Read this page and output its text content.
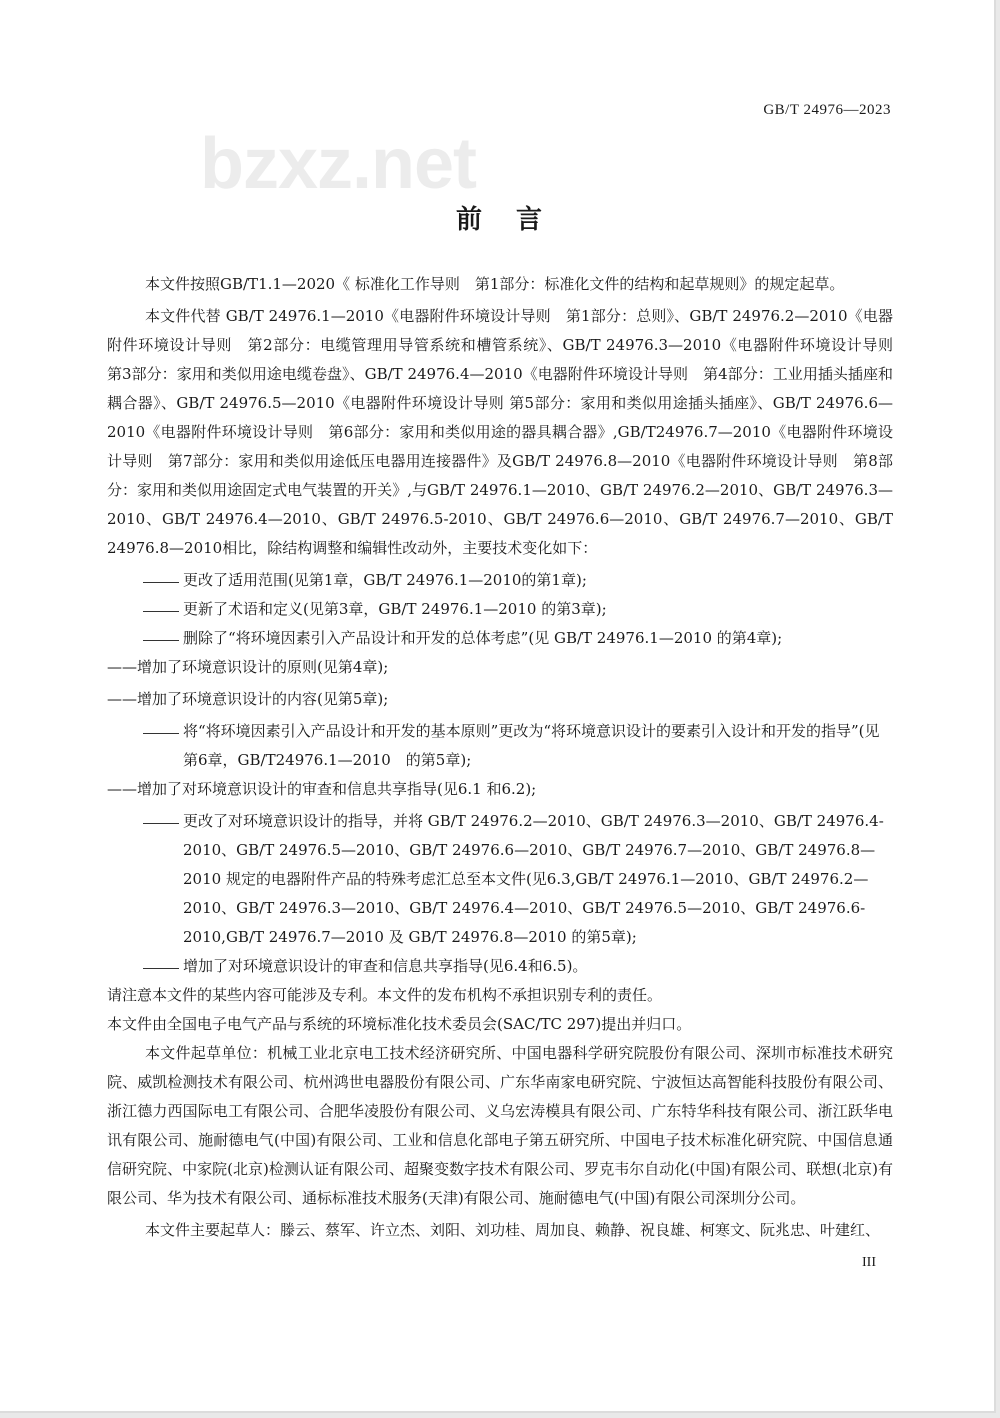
GB/T 24976—2023
bzxz.net
前言

本文件按照GB/T1.1—2020《 标准化工作导则　第1部分：标准化文件的结构和起草规则》的规定起草。

本文件代替 GB/T 24976.1—2010《电器附件环境设计导则　第1部分：总则》、GB/T 24976.2—2010《电器附件环境设计导则　第2部分：电缆管理用导管系统和槽管系统》、GB/T 24976.3—2010《电器附件环境设计导则　第3部分：家用和类似用途电缆卷盘》、GB/T 24976.4—2010《电器附件环境设计导则　第4部分：工业用插头插座和耦合器》、GB/T 24976.5—2010《电器附件环境设计导则 第5部分：家用和类似用途插头插座》、GB/T 24976.6—2010《电器附件环境设计导则　第6部分：家用和类似用途的器具耦合器》,GB/T24976.7—2010《电器附件环境设计导则　第7部分：家用和类似用途低压电器用连接器件》及GB/T 24976.8—2010《电器附件环境设计导则　第8部分：家用和类似用途固定式电气装置的开关》,与GB/T 24976.1—2010、GB/T 24976.2—2010、GB/T 24976.3—2010、GB/T 24976.4—2010、GB/T 24976.5-2010、GB/T 24976.6—2010、GB/T 24976.7—2010、GB/T 24976.8—2010相比，除结构调整和编辑性改动外，主要技术变化如下：

更改了适用范围(见第1章，GB/T 24976.1—2010的第1章);

更新了术语和定义(见第3章，GB/T 24976.1—2010 的第3章);

删除了“将环境因素引入产品设计和开发的总体考虑”(见 GB/T 24976.1—2010 的第4章);

——增加了环境意识设计的原则(见第4章);

——增加了环境意识设计的内容(见第5章);

将“将环境因素引入产品设计和开发的基本原则”更改为“将环境意识设计的要素引入设计和开发的指导”(见第6章，GB/T24976.1—2010　的第5章);

——增加了对环境意识设计的审查和信息共享指导(见6.1 和6.2);

更改了对环境意识设计的指导，并将 GB/T 24976.2—2010、GB/T 24976.3—2010、GB/T 24976.4-2010、GB/T 24976.5—2010、GB/T 24976.6—2010、GB/T 24976.7—2010、GB/T 24976.8—2010 规定的电器附件产品的特殊考虑汇总至本文件(见6.3,GB/T 24976.1—2010、GB/T 24976.2—2010、GB/T 24976.3—2010、GB/T 24976.4—2010、GB/T 24976.5—2010、GB/T 24976.6-2010,GB/T 24976.7—2010 及 GB/T 24976.8—2010 的第5章);

增加了对环境意识设计的审查和信息共享指导(见6.4和6.5)。

请注意本文件的某些内容可能涉及专利。本文件的发布机构不承担识别专利的责任。

本文件由全国电子电气产品与系统的环境标准化技术委员会(SAC/TC 297)提出并归口。

本文件起草单位：机械工业北京电工技术经济研究所、中国电器科学研究院股份有限公司、深圳市标准技术研究院、威凯检测技术有限公司、杭州鸿世电器股份有限公司、广东华南家电研究院、宁波恒达高智能科技股份有限公司、浙江德力西国际电工有限公司、合肥华凌股份有限公司、义乌宏涛模具有限公司、广东特华科技有限公司、浙江跃华电讯有限公司、施耐德电气(中国)有限公司、工业和信息化部电子第五研究所、中国电子技术标准化研究院、中国信息通信研究院、中家院(北京)检测认证有限公司、超聚变数字技术有限公司、罗克韦尔自动化(中国)有限公司、联想(北京)有限公司、华为技术有限公司、通标标准技术服务(天津)有限公司、施耐德电气(中国)有限公司深圳分公司。

本文件主要起草人：滕云、蔡军、许立杰、刘阳、刘功桂、周加良、赖静、祝良雄、柯寒文、阮兆忠、叶建红、

III
